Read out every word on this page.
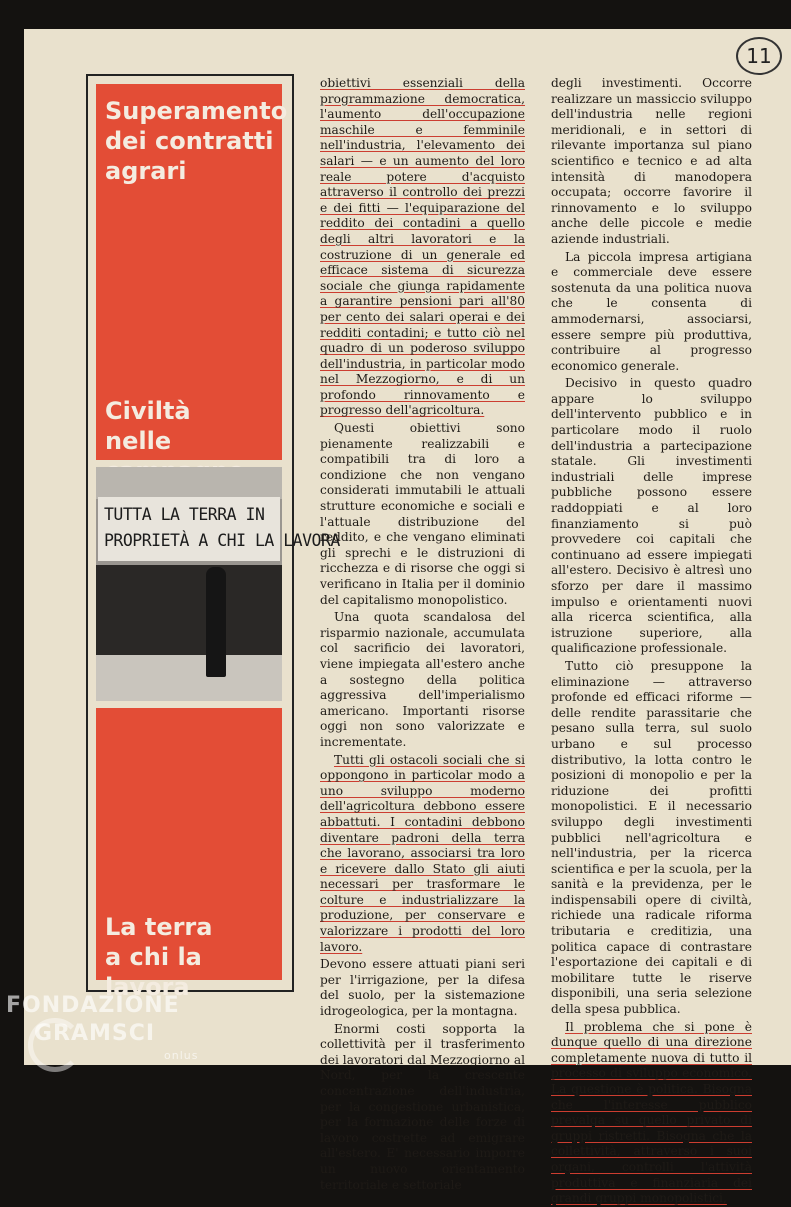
11
Superamento
dei contratti
agrari
Civiltà
nelle
TUTTA LA TERRA IN
PROPRIETÀ A CHI LA LAVORA
La terra
a chi la lavora

obiettivi essenziali della programmazione democratica, l'aumento dell'occupazione maschile e femminile nell'industria, l'elevamento dei salari — e un aumento del loro reale potere d'acquisto attraverso il controllo dei prezzi e dei fitti — l'equiparazione del reddito dei contadini a quello degli altri lavoratori e la costruzione di un generale ed efficace sistema di sicurezza sociale che giunga rapidamente a garantire pensioni pari all'80 per cento dei salari operai e dei redditi contadini; e tutto ciò nel quadro di un poderoso sviluppo dell'industria, in particolar modo nel Mezzogiorno, e di un profondo rinnovamento e progresso dell'agricoltura.

Questi obiettivi sono pienamente realizzabili e compatibili tra di loro a condizione che non vengano considerati immutabili le attuali strutture economiche e sociali e l'attuale distribuzione del reddito, e che vengano eliminati gli sprechi e le distruzioni di ricchezza e di risorse che oggi si verificano in Italia per il dominio del capitalismo monopolistico.

Una quota scandalosa del risparmio nazionale, accumulata col sacrificio dei lavoratori, viene impiegata all'estero anche a sostegno della politica aggressiva dell'imperialismo americano. Importanti risorse oggi non sono valorizzate e incrementate.

Tutti gli ostacoli sociali che si oppongono in particolar modo a uno sviluppo moderno dell'agricoltura debbono essere abbattuti. I contadini debbono diventare padroni della terra che lavorano, associarsi tra loro e ricevere dallo Stato gli aiuti necessari per trasformare le colture e industrializzare la produzione, per conservare e valorizzare i prodotti del loro lavoro.

Devono essere attuati piani seri per l'irrigazione, per la difesa del suolo, per la sistemazione idrogeologica, per la montagna.

Enormi costi sopporta la collettività per il trasferimento dei lavoratori dal Mezzogiorno al Nord, per la crescente concentrazione dell'industria, per la congestione urbanistica, per la formazione delle forze di lavoro costrette ad emigrare all'estero. E' necessario imporre un nuovo orientamento territoriale e settoriale

degli investimenti. Occorre realizzare un massiccio sviluppo dell'industria nelle regioni meridionali, e in settori di rilevante importanza sul piano scientifico e tecnico e ad alta intensità di manodopera occupata; occorre favorire il rinnovamento e lo sviluppo anche delle piccole e medie aziende industriali.

La piccola impresa artigiana e commerciale deve essere sostenuta da una politica nuova che le consenta di ammodernarsi, associarsi, essere sempre più produttiva, contribuire al progresso economico generale.

Decisivo in questo quadro appare lo sviluppo dell'intervento pubblico e in particolare modo il ruolo dell'industria a partecipazione statale. Gli investimenti industriali delle imprese pubbliche possono essere raddoppiati e al loro finanziamento si può provvedere coi capitali che continuano ad essere impiegati all'estero. Decisivo è altresì uno sforzo per dare il massimo impulso e orientamenti nuovi alla ricerca scientifica, alla istruzione superiore, alla qualificazione professionale.

Tutto ciò presuppone la eliminazione — attraverso profonde ed efficaci riforme — delle rendite parassitarie che pesano sulla terra, sul suolo urbano e sul processo distributivo, la lotta contro le posizioni di monopolio e per la riduzione dei profitti monopolistici. E il necessario sviluppo degli investimenti pubblici nell'agricoltura e nell'industria, per la ricerca scientifica e per la scuola, per la sanità e la previdenza, per le indispensabili opere di civiltà, richiede una radicale riforma tributaria e creditizia, una politica capace di contrastare l'esportazione dei capitali e di mobilitare tutte le riserve disponibili, una seria selezione della spesa pubblica.

Il problema che si pone è dunque quello di una direzione completamente nuova di tutto il processo di sviluppo economico. La questione è politica. Bisogna che l'interesse pubblico prevalga su quello privato di gruppi ristretti. Bisogna che la collettività, attraverso i suoi organi, controlli l'attività produttiva e finanziaria dei grandi gruppi monopolistici,

FONDAZIONE
GRAMSCI
onlus
